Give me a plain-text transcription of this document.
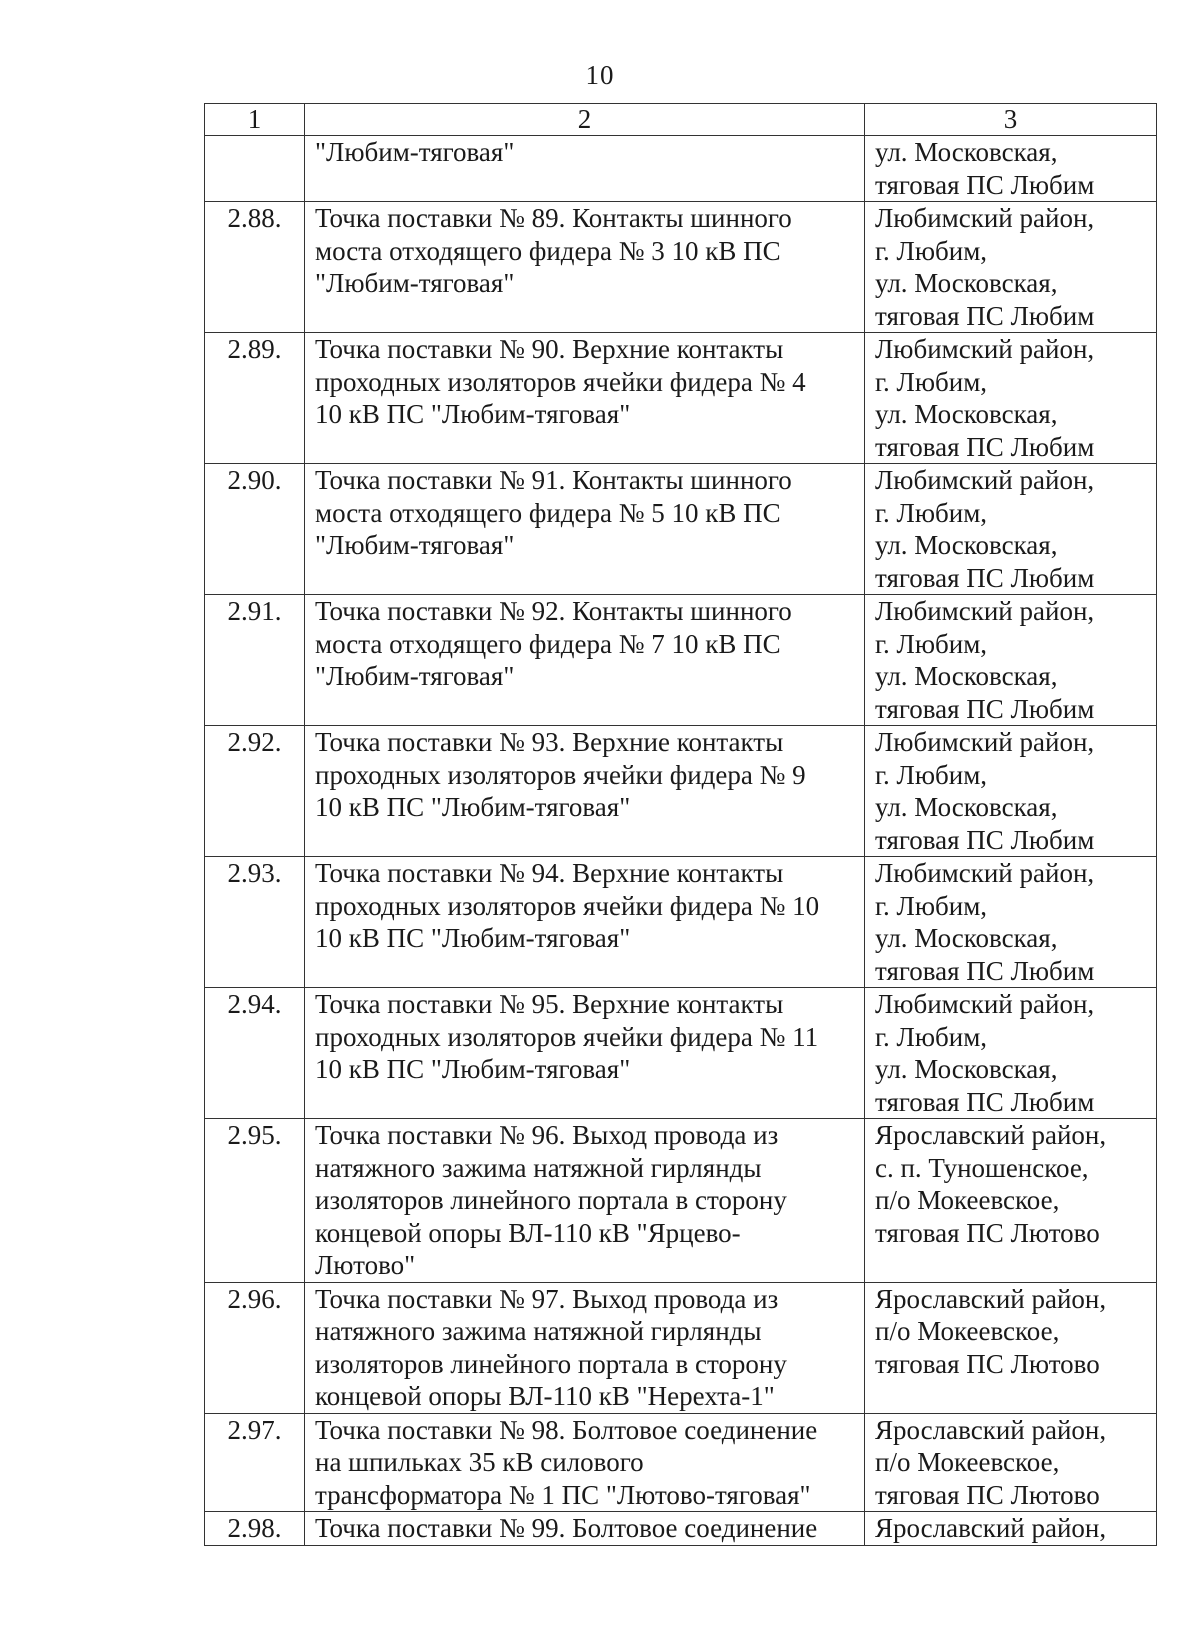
10
1	2	3

	"Любим-тяговая"	ул. Московская,
тяговая ПС Любим

2.88.	Точка поставки № 89. Контакты шинного
моста отходящего фидера № 3 10 кВ ПС
"Любим-тяговая"	Любимский район,
г. Любим,
ул. Московская,
тяговая ПС Любим

2.89.	Точка поставки № 90. Верхние контакты
проходных изоляторов ячейки фидера № 4
10 кВ ПС "Любим-тяговая"	Любимский район,
г. Любим,
ул. Московская,
тяговая ПС Любим

2.90.	Точка поставки № 91. Контакты шинного
моста отходящего фидера № 5 10 кВ ПС
"Любим-тяговая"	Любимский район,
г. Любим,
ул. Московская,
тяговая ПС Любим

2.91.	Точка поставки № 92. Контакты шинного
моста отходящего фидера № 7 10 кВ ПС
"Любим-тяговая"	Любимский район,
г. Любим,
ул. Московская,
тяговая ПС Любим

2.92.	Точка поставки № 93. Верхние контакты
проходных изоляторов ячейки фидера № 9
10 кВ ПС "Любим-тяговая"	Любимский район,
г. Любим,
ул. Московская,
тяговая ПС Любим

2.93.	Точка поставки № 94. Верхние контакты
проходных изоляторов ячейки фидера № 10
10 кВ ПС "Любим-тяговая"	Любимский район,
г. Любим,
ул. Московская,
тяговая ПС Любим

2.94.	Точка поставки № 95. Верхние контакты
проходных изоляторов ячейки фидера № 11
10 кВ ПС "Любим-тяговая"	Любимский район,
г. Любим,
ул. Московская,
тяговая ПС Любим

2.95.	Точка поставки № 96. Выход провода из
натяжного зажима натяжной гирлянды
изоляторов линейного портала в сторону
концевой опоры ВЛ-110 кВ "Ярцево-
Лютово"	Ярославский район,
с. п. Туношенское,
п/о Мокеевское,
тяговая ПС Лютово

2.96.	Точка поставки № 97. Выход провода из
натяжного зажима натяжной гирлянды
изоляторов линейного портала в сторону
концевой опоры ВЛ-110 кВ "Нерехта-1"	Ярославский район,
п/о Мокеевское,
тяговая ПС Лютово

2.97.	Точка поставки № 98. Болтовое соединение
на шпильках 35 кВ силового
трансформатора № 1 ПС "Лютово-тяговая"	Ярославский район,
п/о Мокеевское,
тяговая ПС Лютово

2.98.	Точка поставки № 99. Болтовое соединение	Ярославский район,
